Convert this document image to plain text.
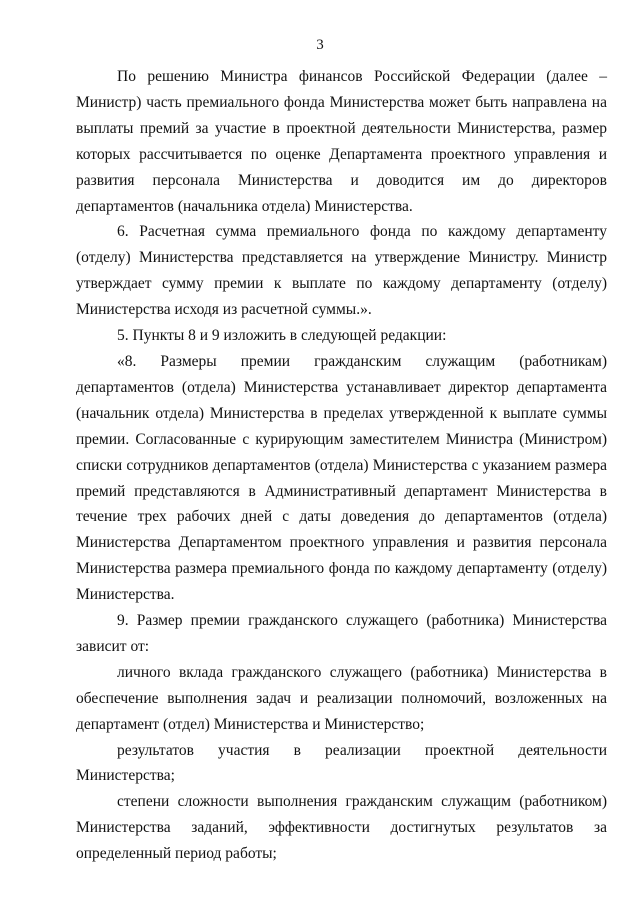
3

По решению Министра финансов Российской Федерации (далее – Министр) часть премиального фонда Министерства может быть направлена на выплаты премий за участие в проектной деятельности Министерства, размер которых рассчитывается по оценке Департамента проектного управления и развития персонала Министерства и доводится им до директоров департаментов (начальника отдела) Министерства.

6. Расчетная сумма премиального фонда по каждому департаменту (отделу) Министерства представляется на утверждение Министру. Министр утверждает сумму премии к выплате по каждому департаменту (отделу) Министерства исходя из расчетной суммы.».

5. Пункты 8 и 9 изложить в следующей редакции:

«8. Размеры премии гражданским служащим (работникам) департаментов (отдела) Министерства устанавливает директор департамента (начальник отдела) Министерства в пределах утвержденной к выплате суммы премии. Согласованные с курирующим заместителем Министра (Министром) списки сотрудников департаментов (отдела) Министерства с указанием размера премий представляются в Административный департамент Министерства в течение трех рабочих дней с даты доведения до департаментов (отдела) Министерства Департаментом проектного управления и развития персонала Министерства размера премиального фонда по каждому департаменту (отделу) Министерства.

9. Размер премии гражданского служащего (работника) Министерства зависит от:

личного вклада гражданского служащего (работника) Министерства в обеспечение выполнения задач и реализации полномочий, возложенных на департамент (отдел) Министерства и Министерство;

результатов участия в реализации проектной деятельности Министерства;

степени сложности выполнения гражданским служащим (работником) Министерства заданий, эффективности достигнутых результатов за определенный период работы;
